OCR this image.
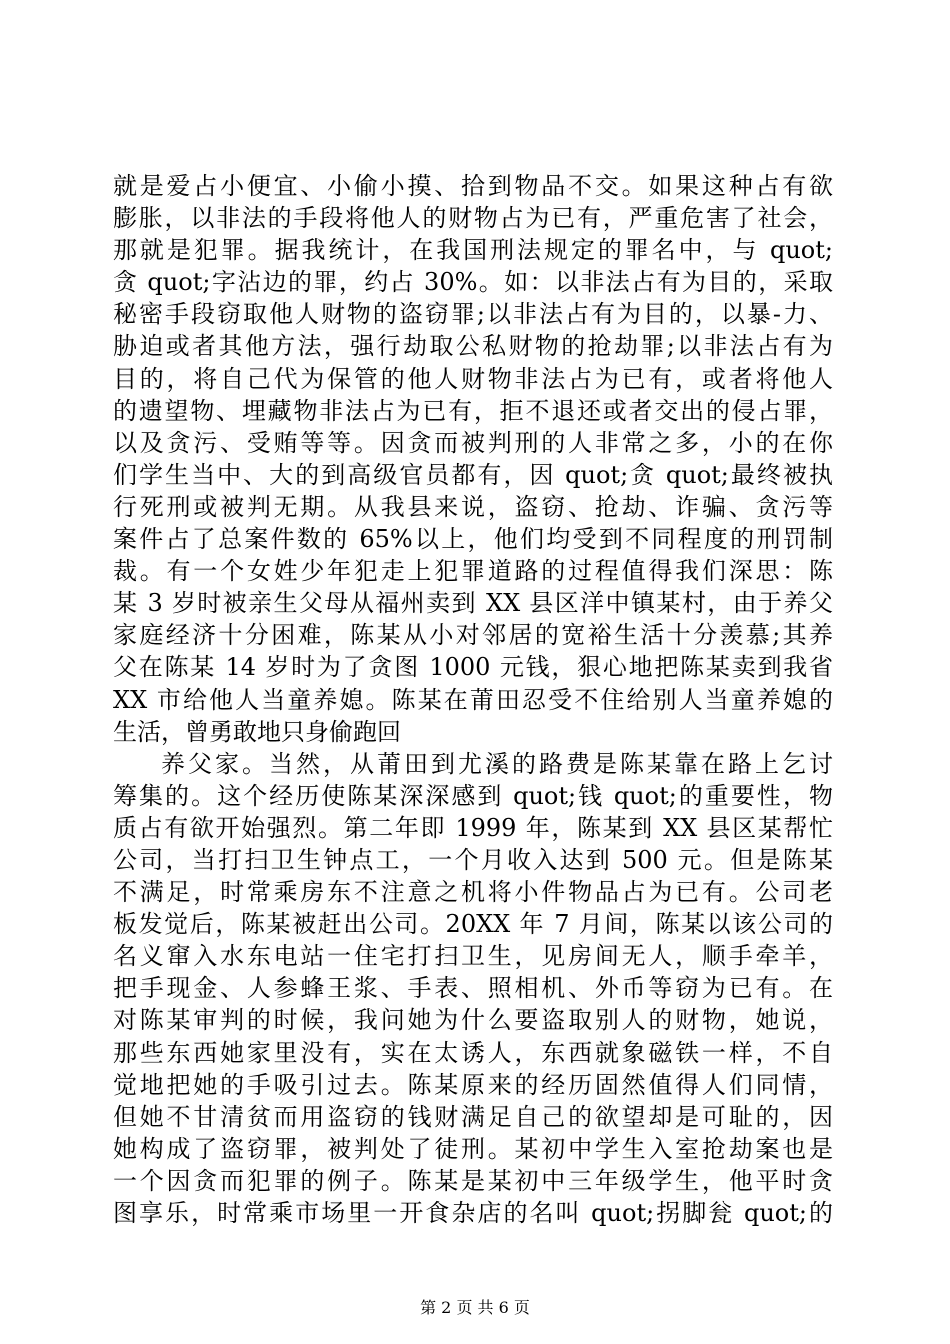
就是爱占小便宜、小偷小摸、拾到物品不交。如果这种占有欲
膨胀，以非法的手段将他人的财物占为已有，严重危害了社会，
那就是犯罪。据我统计，在我国刑法规定的罪名中，与 quot;
贪 quot;字沾边的罪，约占 30%。如：以非法占有为目的，采取
秘密手段窃取他人财物的盗窃罪;以非法占有为目的，以暴-力、
胁迫或者其他方法，强行劫取公私财物的抢劫罪;以非法占有为
目的，将自己代为保管的他人财物非法占为已有，或者将他人
的遗望物、埋藏物非法占为已有，拒不退还或者交出的侵占罪，
以及贪污、受贿等等。因贪而被判刑的人非常之多，小的在你
们学生当中、大的到高级官员都有，因 quot;贪 quot;最终被执
行死刑或被判无期。从我县来说，盗窃、抢劫、诈骗、贪污等
案件占了总案件数的 65%以上，他们均受到不同程度的刑罚制
裁。有一个女姓少年犯走上犯罪道路的过程值得我们深思：陈
某 3 岁时被亲生父母从福州卖到 XX 县区洋中镇某村，由于养父
家庭经济十分困难，陈某从小对邻居的宽裕生活十分羡慕;其养
父在陈某 14 岁时为了贪图 1000 元钱，狠心地把陈某卖到我省
XX 市给他人当童养媳。陈某在莆田忍受不住给别人当童养媳的
生活，曾勇敢地只身偷跑回
养父家。当然，从莆田到尤溪的路费是陈某靠在路上乞讨
筹集的。这个经历使陈某深深感到 quot;钱 quot;的重要性，物
质占有欲开始强烈。第二年即 1999 年，陈某到 XX 县区某帮忙
公司，当打扫卫生钟点工，一个月收入达到 500 元。但是陈某
不满足，时常乘房东不注意之机将小件物品占为已有。公司老
板发觉后，陈某被赶出公司。20XX 年 7 月间，陈某以该公司的
名义窜入水东电站一住宅打扫卫生，见房间无人，顺手牵羊，
把手现金、人参蜂王浆、手表、照相机、外币等窃为已有。在
对陈某审判的时候，我问她为什么要盗取别人的财物，她说，
那些东西她家里没有，实在太诱人，东西就象磁铁一样，不自
觉地把她的手吸引过去。陈某原来的经历固然值得人们同情，
但她不甘清贫而用盗窃的钱财满足自己的欲望却是可耻的，因
她构成了盗窃罪，被判处了徒刑。某初中学生入室抢劫案也是
一个因贪而犯罪的例子。陈某是某初中三年级学生，他平时贪
图享乐，时常乘市场里一开食杂店的名叫 quot;拐脚瓮 quot;的
第 2 页 共 6 页
